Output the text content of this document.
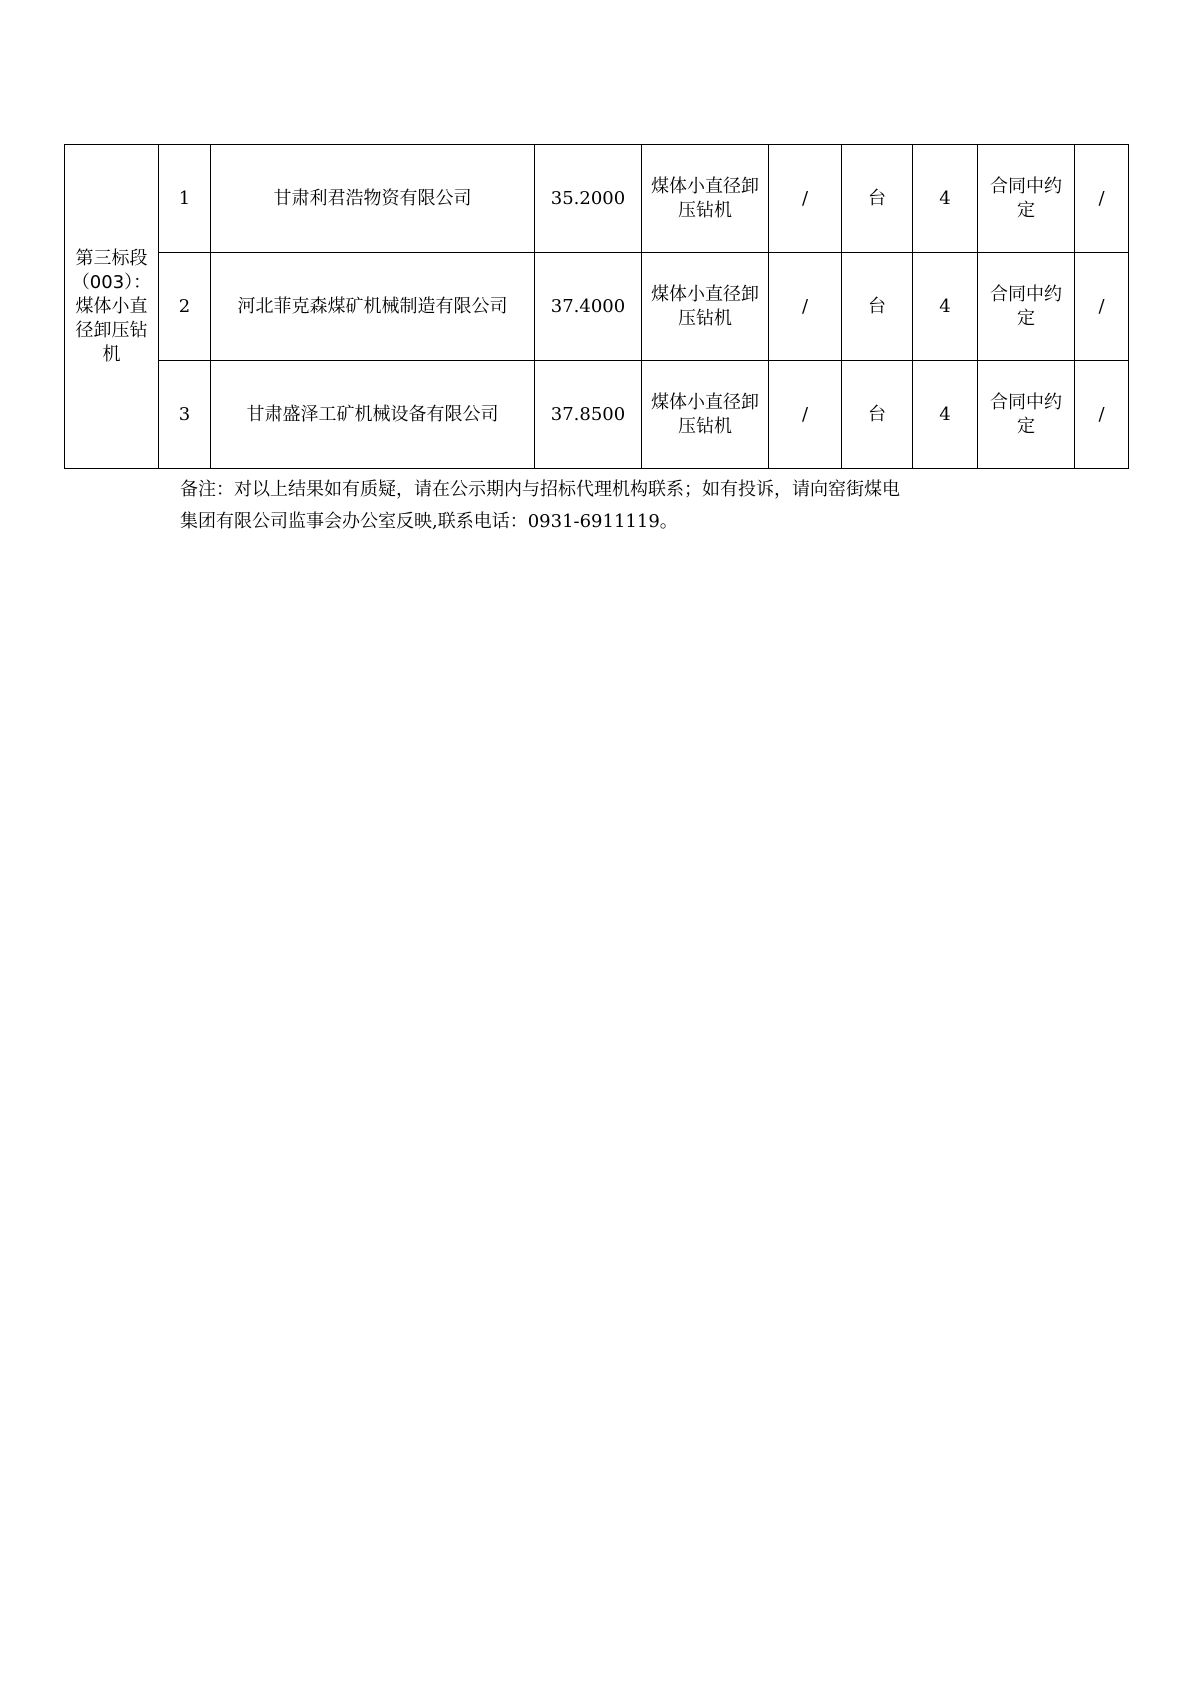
第三标段（003）：煤体小直径卸压钻机	1	甘肃利君浩物资有限公司	35.2000	煤体小直径卸压钻机	/	台	4	合同中约定	/
	2	河北菲克森煤矿机械制造有限公司	37.4000	煤体小直径卸压钻机	/	台	4	合同中约定	/
	3	甘肃盛泽工矿机械设备有限公司	37.8500	煤体小直径卸压钻机	/	台	4	合同中约定	/
备注：对以上结果如有质疑，请在公示期内与招标代理机构联系；如有投诉，请向窑街煤电
集团有限公司监事会办公室反映,联系电话：0931-6911119。
